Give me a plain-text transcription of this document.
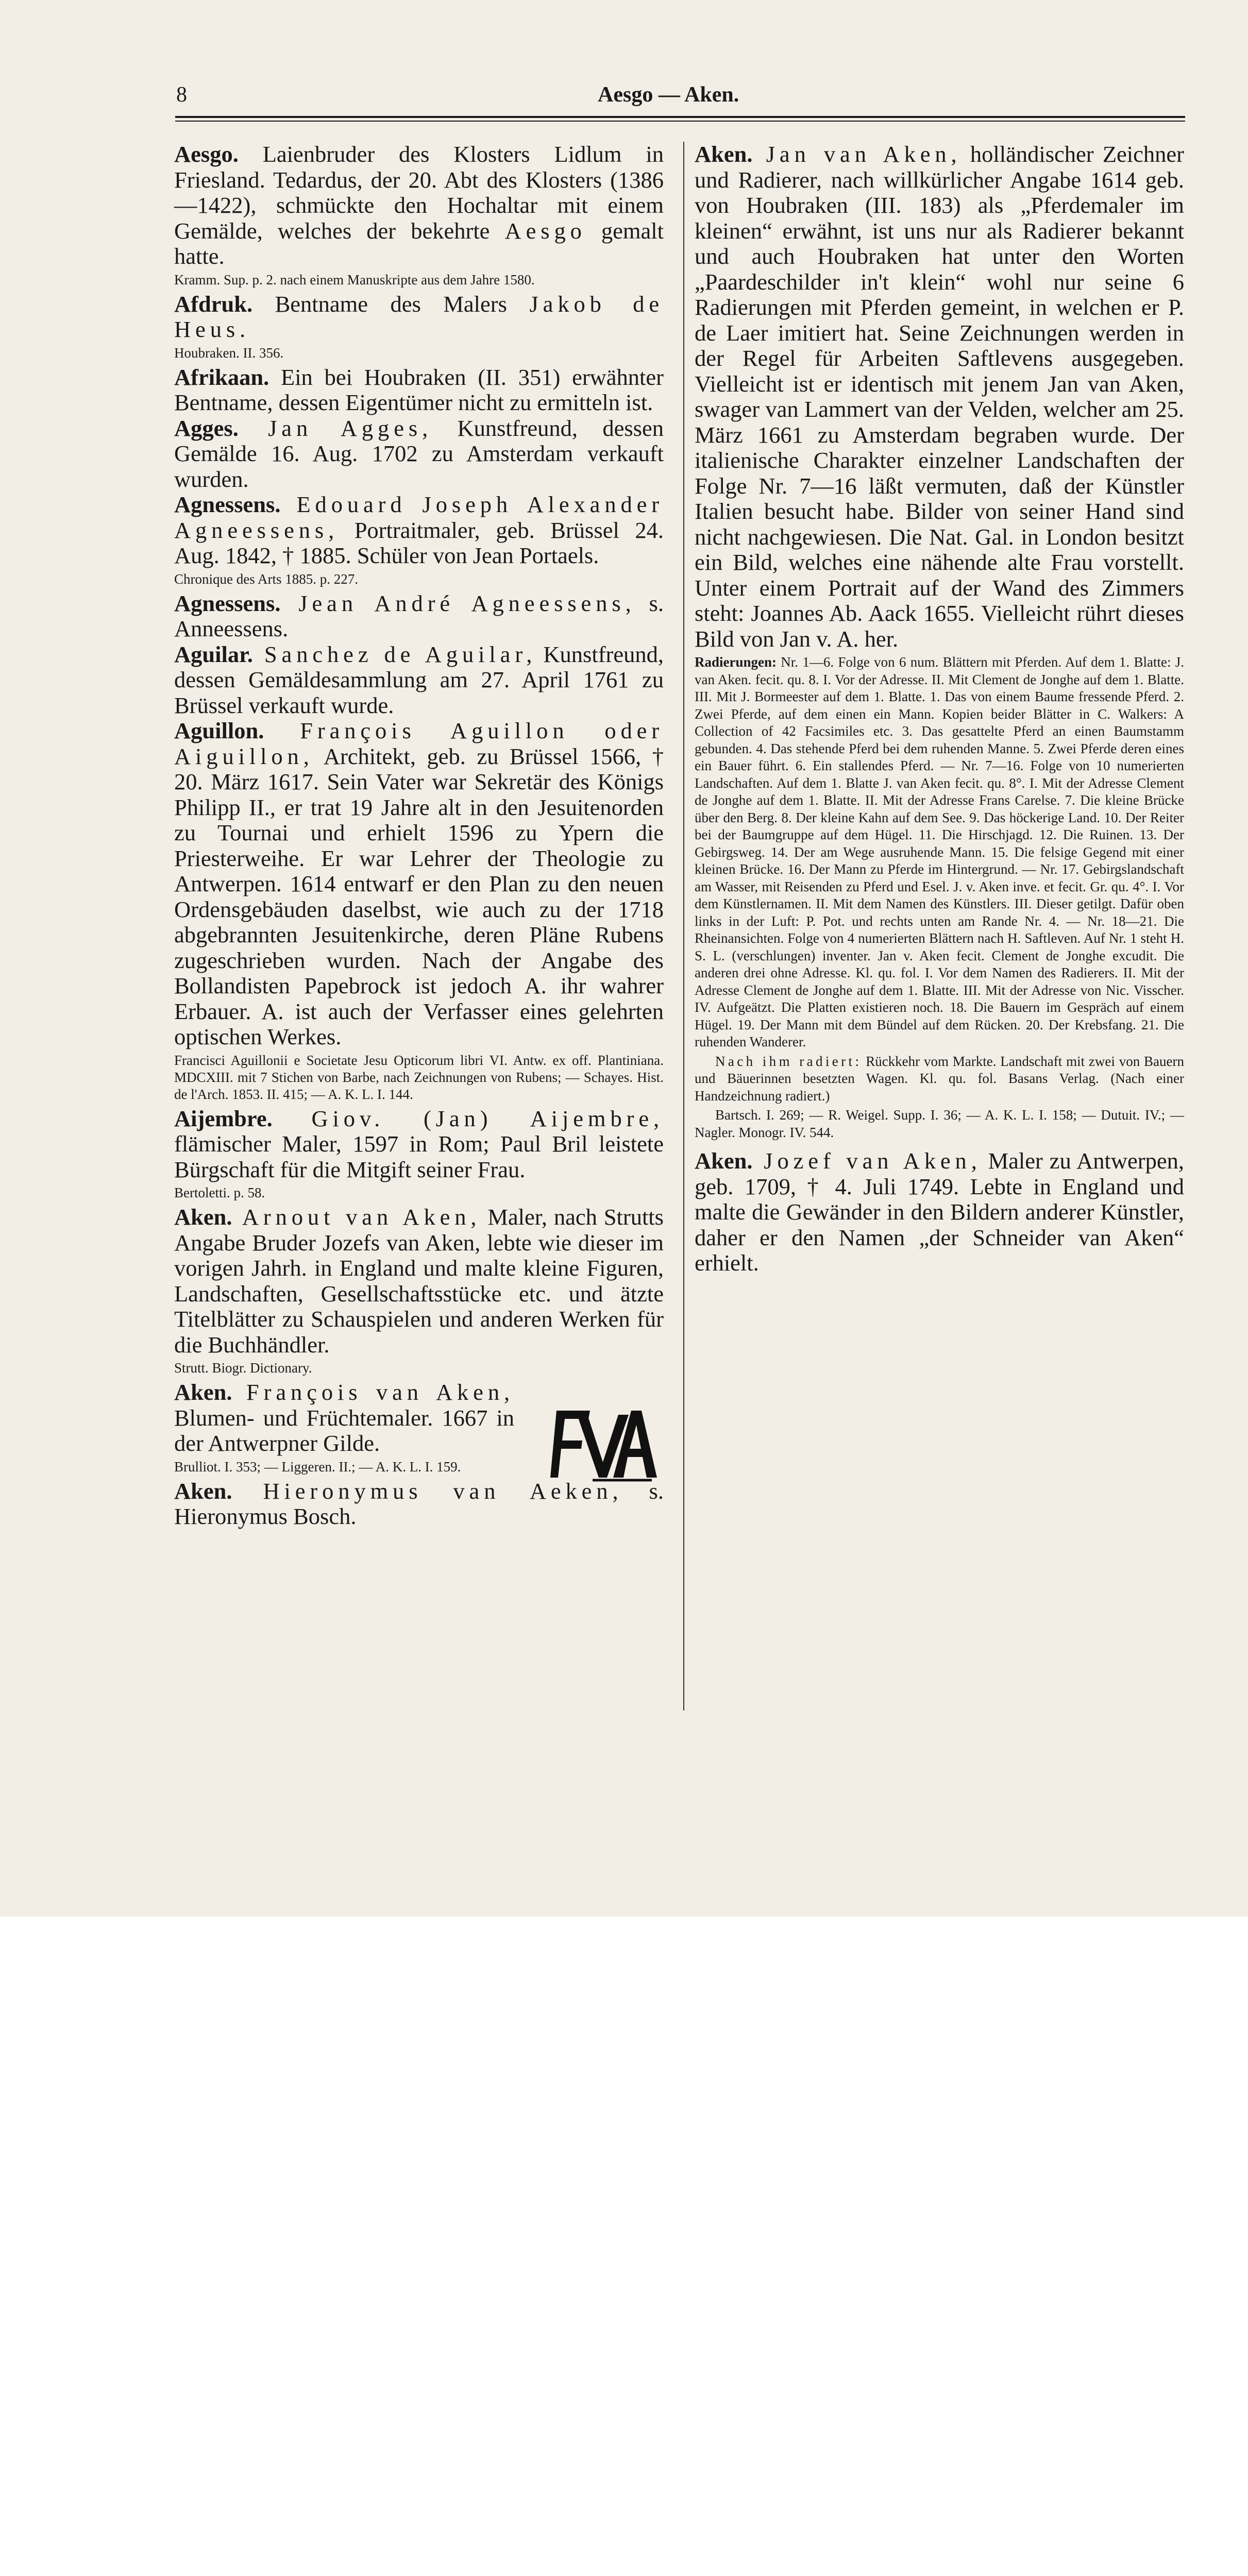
8	Aesgo — Aken.

Aesgo. Laienbruder des Klosters Lidlum in Friesland. Tedardus, der 20. Abt des Klosters (1386—1422), schmückte den Hochaltar mit einem Gemälde, welches der bekehrte Aesgo gemalt hatte.

Kramm. Sup. p. 2. nach einem Manuskripte aus dem Jahre 1580.

Afdruk. Bentname des Malers Jakob de Heus.

Houbraken. II. 356.

Afrikaan. Ein bei Houbraken (II. 351) erwähnter Bentname, dessen Eigentümer nicht zu ermitteln ist.

Agges. Jan Agges, Kunstfreund, dessen Gemälde 16. Aug. 1702 zu Amsterdam verkauft wurden.

Agnessens. Edouard Joseph Alexander Agneessens, Portraitmaler, geb. Brüssel 24. Aug. 1842, † 1885. Schüler von Jean Portaels.

Chronique des Arts 1885. p. 227.

Agnessens. Jean André Agneessens, s. Anneessens.

Aguilar. Sanchez de Aguilar, Kunstfreund, dessen Gemäldesammlung am 27. April 1761 zu Brüssel verkauft wurde.

Aguillon. François Aguillon oder Aiguillon, Architekt, geb. zu Brüssel 1566, † 20. März 1617. Sein Vater war Sekretär des Königs Philipp II., er trat 19 Jahre alt in den Jesuitenorden zu Tournai und erhielt 1596 zu Ypern die Priesterweihe. Er war Lehrer der Theologie zu Antwerpen. 1614 entwarf er den Plan zu den neuen Ordensgebäuden daselbst, wie auch zu der 1718 abgebrannten Jesuitenkirche, deren Pläne Rubens zugeschrieben wurden. Nach der Angabe des Bollandisten Papebrock ist jedoch A. ihr wahrer Erbauer. A. ist auch der Verfasser eines gelehrten optischen Werkes.

Francisci Aguillonii e Societate Jesu Opticorum libri VI. Antw. ex off. Plantiniana. MDCXIII. mit 7 Stichen von Barbe, nach Zeichnungen von Rubens; — Schayes. Hist. de l'Arch. 1853. II. 415; — A. K. L. I. 144.

Aijembre. Giov. (Jan) Aijembre, flämischer Maler, 1597 in Rom; Paul Bril leistete Bürgschaft für die Mitgift seiner Frau.

Bertoletti. p. 58.

Aken. Arnout van Aken, Maler, nach Strutts Angabe Bruder Jozefs van Aken, lebte wie dieser im vorigen Jahrh. in England und malte kleine Figuren, Landschaften, Gesellschaftsstücke etc. und ätzte Titelblätter zu Schauspielen und anderen Werken für die Buchhändler.

Strutt. Biogr. Dictionary.

Aken. François van Aken, Blumen- und Früchtemaler. 1667 in der Antwerpner Gilde.

Brulliot. I. 353; — Liggeren. II.; — A. K. L. I. 159.

Aken. Hieronymus van Aeken, s. Hieronymus Bosch.

Aken. Jan van Aken, holländischer Zeichner und Radierer, nach willkürlicher Angabe 1614 geb. von Houbraken (III. 183) als „Pferdemaler im kleinen“ erwähnt, ist uns nur als Radierer bekannt und auch Houbraken hat unter den Worten „Paardeschilder in't klein“ wohl nur seine 6 Radierungen mit Pferden gemeint, in welchen er P. de Laer imitiert hat. Seine Zeichnungen werden in der Regel für Arbeiten Saftlevens ausgegeben. Vielleicht ist er identisch mit jenem Jan van Aken, swager van Lammert van der Velden, welcher am 25. März 1661 zu Amsterdam begraben wurde. Der italienische Charakter einzelner Landschaften der Folge Nr. 7—16 läßt vermuten, daß der Künstler Italien besucht habe. Bilder von seiner Hand sind nicht nachgewiesen. Die Nat. Gal. in London besitzt ein Bild, welches eine nähende alte Frau vorstellt. Unter einem Portrait auf der Wand des Zimmers steht: Joannes Ab. Aack 1655. Vielleicht rührt dieses Bild von Jan v. A. her.

Radierungen: Nr. 1—6. Folge von 6 num. Blättern mit Pferden. Auf dem 1. Blatte: J. van Aken. fecit. qu. 8. I. Vor der Adresse. II. Mit Clement de Jonghe auf dem 1. Blatte. III. Mit J. Bormeester auf dem 1. Blatte. 1. Das von einem Baume fressende Pferd. 2. Zwei Pferde, auf dem einen ein Mann. Kopien beider Blätter in C. Walkers: A Collection of 42 Facsimiles etc. 3. Das gesattelte Pferd an einen Baumstamm gebunden. 4. Das stehende Pferd bei dem ruhenden Manne. 5. Zwei Pferde deren eines ein Bauer führt. 6. Ein stallendes Pferd. — Nr. 7—16. Folge von 10 numerierten Landschaften. Auf dem 1. Blatte J. van Aken fecit. qu. 8°. I. Mit der Adresse Clement de Jonghe auf dem 1. Blatte. II. Mit der Adresse Frans Carelse. 7. Die kleine Brücke über den Berg. 8. Der kleine Kahn auf dem See. 9. Das höckerige Land. 10. Der Reiter bei der Baumgruppe auf dem Hügel. 11. Die Hirschjagd. 12. Die Ruinen. 13. Der Gebirgsweg. 14. Der am Wege ausruhende Mann. 15. Die felsige Gegend mit einer kleinen Brücke. 16. Der Mann zu Pferde im Hintergrund. — Nr. 17. Gebirgslandschaft am Wasser, mit Reisenden zu Pferd und Esel. J. v. Aken inve. et fecit. Gr. qu. 4°. I. Vor dem Künstlernamen. II. Mit dem Namen des Künstlers. III. Dieser getilgt. Dafür oben links in der Luft: P. Pot. und rechts unten am Rande Nr. 4. — Nr. 18—21. Die Rheinansichten. Folge von 4 numerierten Blättern nach H. Saftleven. Auf Nr. 1 steht H. S. L. (verschlungen) inventer. Jan v. Aken fecit. Clement de Jonghe excudit. Die anderen drei ohne Adresse. Kl. qu. fol. I. Vor dem Namen des Radierers. II. Mit der Adresse Clement de Jonghe auf dem 1. Blatte. III. Mit der Adresse von Nic. Visscher. IV. Aufgeätzt. Die Platten existieren noch. 18. Die Bauern im Gespräch auf einem Hügel. 19. Der Mann mit dem Bündel auf dem Rücken. 20. Der Krebsfang. 21. Die ruhenden Wanderer.

Nach ihm radiert: Rückkehr vom Markte. Landschaft mit zwei von Bauern und Bäuerinnen besetzten Wagen. Kl. qu. fol. Basans Verlag. (Nach einer Handzeichnung radiert.)

Bartsch. I. 269; — R. Weigel. Supp. I. 36; — A. K. L. I. 158; — Dutuit. IV.; — Nagler. Monogr. IV. 544.

Aken. Jozef van Aken, Maler zu Antwerpen, geb. 1709, † 4. Juli 1749. Lebte in England und malte die Gewänder in den Bildern anderer Künstler, daher er den Namen „der Schneider van Aken“ erhielt.
